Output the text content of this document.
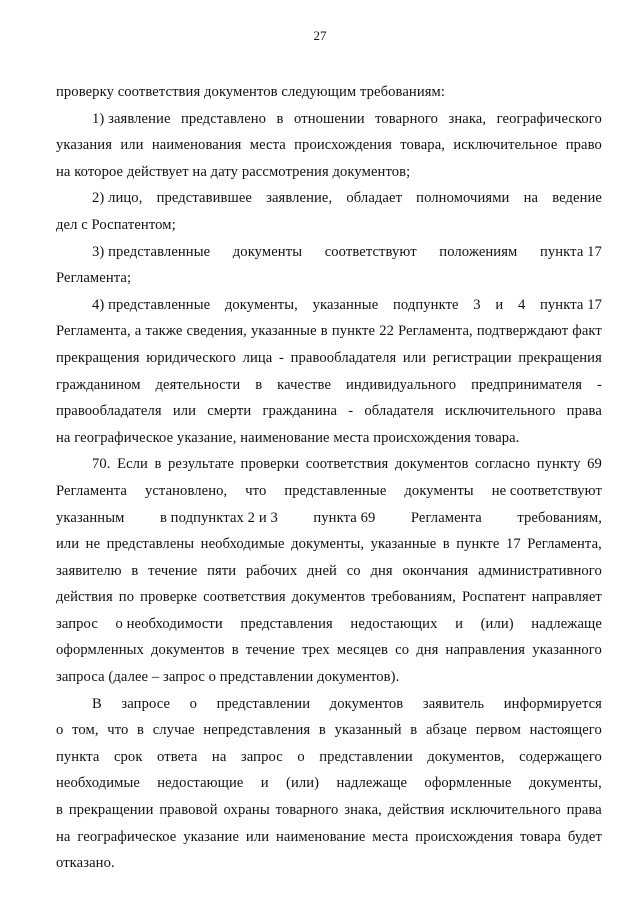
27
проверку соответствия документов следующим требованиям:
1) заявление представлено в отношении товарного знака, географического
указания или наименования места происхождения товара, исключительное право
на которое действует на дату рассмотрения документов;
2) лицо, представившее заявление, обладает полномочиями на ведение
дел с Роспатентом;
3) представленные документы соответствуют положениям пункта 17
Регламента;
4) представленные документы, указанные подпункте 3 и 4 пункта 17
Регламента, а также сведения, указанные в пункте 22 Регламента, подтверждают факт
прекращения юридического лица - правообладателя или регистрации прекращения
гражданином деятельности в качестве индивидуального предпринимателя -
правообладателя или смерти гражданина - обладателя исключительного права
на географическое указание, наименование места происхождения товара.
70. Если в результате проверки соответствия документов согласно пункту 69
Регламента установлено, что представленные документы не соответствуют
указанным в подпунктах 2 и 3 пункта 69 Регламента требованиям,
или не представлены необходимые документы, указанные в пункте 17 Регламента,
заявителю в течение пяти рабочих дней со дня окончания административного
действия по проверке соответствия документов требованиям, Роспатент направляет
запрос о необходимости представления недостающих и (или) надлежаще
оформленных документов в течение трех месяцев со дня направления указанного
запроса (далее – запрос о представлении документов).
В запросе о представлении документов заявитель информируется
о том, что в случае непредставления в указанный в абзаце первом настоящего
пункта срок ответа на запрос о представлении документов, содержащего
необходимые недостающие и (или) надлежаще оформленные документы,
в прекращении правовой охраны товарного знака, действия исключительного права
на географическое указание или наименование места происхождения товара будет
отказано.
